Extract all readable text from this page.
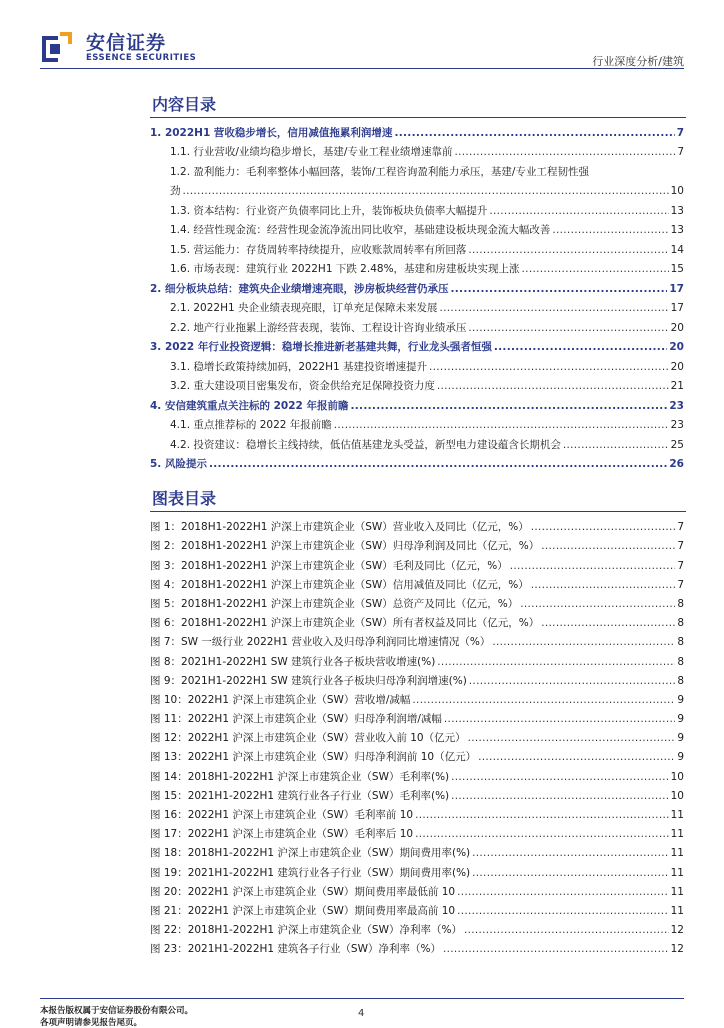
安信证券
ESSENCE SECURITIES	行业深度分析/建筑
内容目录
1. 2022H1 营收稳步增长，信用减值拖累利润增速 .....	7
1.1. 行业营收/业绩均稳步增长，基建/专业工程业绩增速靠前 .....	7
1.2. 盈利能力：毛利率整体小幅回落，装饰/工程咨询盈利能力承压，基建/专业工程韧性强
劲 .....	10
1.3. 资本结构：行业资产负债率同比上升，装饰板块负债率大幅提升 .....	13
1.4. 经营性现金流：经营性现金流净流出同比收窄，基础建设板块现金流大幅改善 .....	13
1.5. 营运能力：存货周转率持续提升，应收账款周转率有所回落 .....	14
1.6. 市场表现：建筑行业 2022H1 下跌 2.48%，基建和房建板块实现上涨 .....	15
2. 细分板块总结：建筑央企业绩增速亮眼，涉房板块经营仍承压 .....	17
2.1. 2022H1 央企业绩表现亮眼，订单充足保障未来发展 .....	17
2.2. 地产行业拖累上游经营表现，装饰、工程设计咨询业绩承压 .....	20
3. 2022 年行业投资逻辑：稳增长推进新老基建共舞，行业龙头强者恒强 .....	20
3.1. 稳增长政策持续加码，2022H1 基建投资增速提升 .....	20
3.2. 重大建设项目密集发布，资金供给充足保障投资力度 .....	21
4. 安信建筑重点关注标的 2022 年报前瞻 .....	23
4.1. 重点推荐标的 2022 年报前瞻 .....	23
4.2. 投资建议：稳增长主线持续，低估值基建龙头受益，新型电力建设蕴含长期机会 .....	25
5. 风险提示 .....	26
图表目录
图 1：2018H1-2022H1 沪深上市建筑企业（SW）营业收入及同比（亿元，%） .....	7
图 2：2018H1-2022H1 沪深上市建筑企业（SW）归母净利润及同比（亿元，%） .....	7
图 3：2018H1-2022H1 沪深上市建筑企业（SW）毛利及同比（亿元，%） .....	7
图 4：2018H1-2022H1 沪深上市建筑企业（SW）信用减值及同比（亿元，%） .....	7
图 5：2018H1-2022H1 沪深上市建筑企业（SW）总资产及同比（亿元，%） .....	8
图 6：2018H1-2022H1 沪深上市建筑企业（SW）所有者权益及同比（亿元，%） .....	8
图 7：SW 一级行业 2022H1 营业收入及归母净利润同比增速情况（%） .....	8
图 8：2021H1-2022H1 SW 建筑行业各子板块营收增速(%) .....	8
图 9：2021H1-2022H1 SW 建筑行业各子板块归母净利润增速(%) .....	8
图 10：2022H1 沪深上市建筑企业（SW）营收增/减幅 .....	9
图 11：2022H1 沪深上市建筑企业（SW）归母净利润增/减幅 .....	9
图 12：2022H1 沪深上市建筑企业（SW）营业收入前 10（亿元） .....	9
图 13：2022H1 沪深上市建筑企业（SW）归母净利润前 10（亿元） .....	9
图 14：2018H1-2022H1 沪深上市建筑企业（SW）毛利率(%) .....	10
图 15：2021H1-2022H1 建筑行业各子行业（SW）毛利率(%) .....	10
图 16：2022H1 沪深上市建筑企业（SW）毛利率前 10 .....	11
图 17：2022H1 沪深上市建筑企业（SW）毛利率后 10 .....	11
图 18：2018H1-2022H1 沪深上市建筑企业（SW）期间费用率(%) .....	11
图 19：2021H1-2022H1 建筑行业各子行业（SW）期间费用率(%) .....	11
图 20：2022H1 沪深上市建筑企业（SW）期间费用率最低前 10 .....	11
图 21：2022H1 沪深上市建筑企业（SW）期间费用率最高前 10 .....	11
图 22：2018H1-2022H1 沪深上市建筑企业（SW）净利率（%） .....	12
图 23：2021H1-2022H1 建筑各子行业（SW）净利率（%） .....	12
本报告版权属于安信证券股份有限公司。
各项声明请参见报告尾页。
4
